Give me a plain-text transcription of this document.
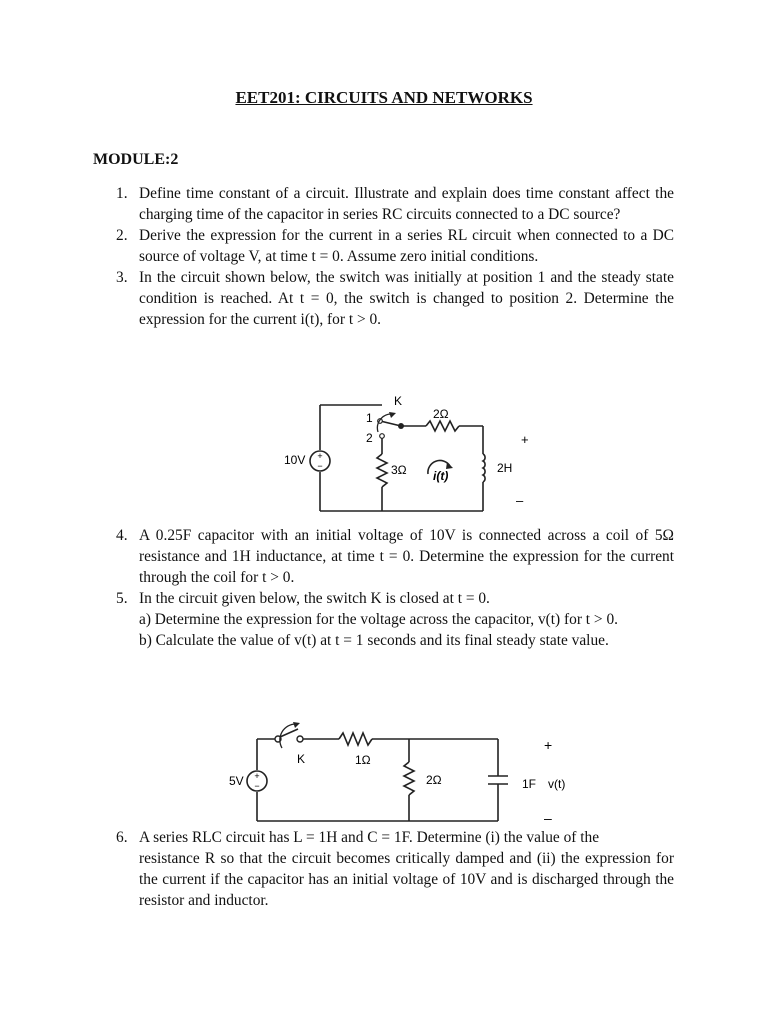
EET201: CIRCUITS AND NETWORKS
MODULE:2
1. Define time constant of a circuit. Illustrate and explain does time constant affect the charging time of the capacitor in series RC circuits connected to a DC source?
2. Derive the expression for the current in a series RL circuit when connected to a DC source of voltage V, at time t = 0. Assume zero initial conditions.
3. In the circuit shown below, the switch was initially at position 1 and the steady state condition is reached. At t = 0, the switch is changed to position 2. Determine the expression for the current i(t), for t > 0.
+
−
K
1
2
2Ω
3Ω	2H
10V
i(t)
+
–
4. A 0.25F capacitor with an initial voltage of 10V is connected across a coil of 5Ω resistance and 1H inductance, at time t = 0. Determine the expression for the current through the coil for t > 0.
5. In the circuit given below, the switch K is closed at t = 0.
a) Determine the expression for the voltage across the capacitor, v(t) for t > 0.
b) Calculate the value of v(t) at t = 1 seconds and its final steady state value.
+
−
K	1Ω
2Ω
5V	1F v(t)
+
–
6. A series RLC circuit has L = 1H and C = 1F. Determine (i) the value of the
resistance R so that the circuit becomes critically damped and (ii) the expression for the current if the capacitor has an initial voltage of 10V and is discharged through the resistor and inductor.
